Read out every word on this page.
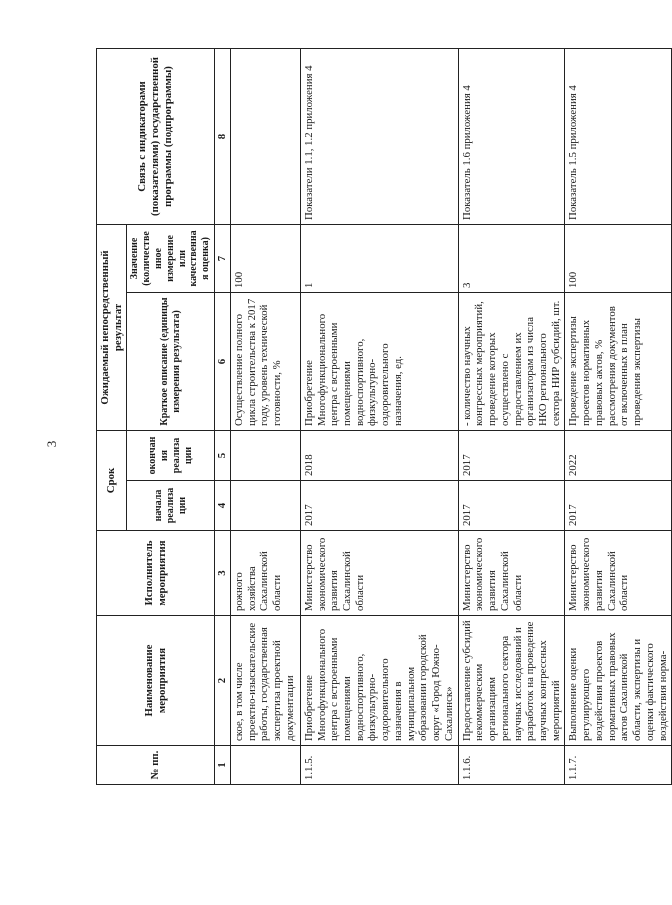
3
№ пп.	Наименование мероприятия	Исполнитель мероприятия	Срок		Ожидаемый непосредственный результат		Связь с индикаторами (показателями) государственной программы (подпрограммы)
			начала реализации	окончания реализации	Краткое описание (единицы измерения результата)	Значение (количественное измерение или качественная оценка)	
1	2	3	4	5	6	7	8
	ское, в том числе проектно-изыскательские работы, государственная экспертиза проектной документации	рожного хозяйства Сахалинской области			Осуществление полного цикла строительства к 2017 году, уровень технической готовности, %	100	
1.1.5.	Приобретение Многофункционального центра с встроенными помещениями водноспортивного, физкультурно-оздоровительного назначения в муниципальном образовании городской округ «Город Южно-Сахалинск»	Министерство экономического развития Сахалинской области	2017	2018	Приобретение Многофункционального центра с встроенными помещениями водноспортивного, физкультурно-оздоровительного назначения, ед.	1	Показатели 1.1, 1.2 приложения 4
1.1.6.	Предоставление субсидий некоммерческим организациям регионального сектора научных исследований и разработок на проведение научных конгрессных мероприятий	Министерство экономического развития Сахалинской области	2017	2017	- количество научных конгрессных мероприятий, проведение которых осуществлено с предоставлением их организаторам из числа НКО регионального сектора НИР субсидий, шт.	3	Показатель 1.6 приложения 4
1.1.7.	Выполнение оценки регулирующего воздействия проектов нормативных правовых актов Сахалинской области, экспертизы и оценки фактического воздействия норма-	Министерство экономического развития Сахалинской области	2017	2022	Проведение экспертизы проектов нормативных правовых актов, % рассмотрения документов от включенных в план проведения экспертизы	100	Показатель 1.5 приложения 4
